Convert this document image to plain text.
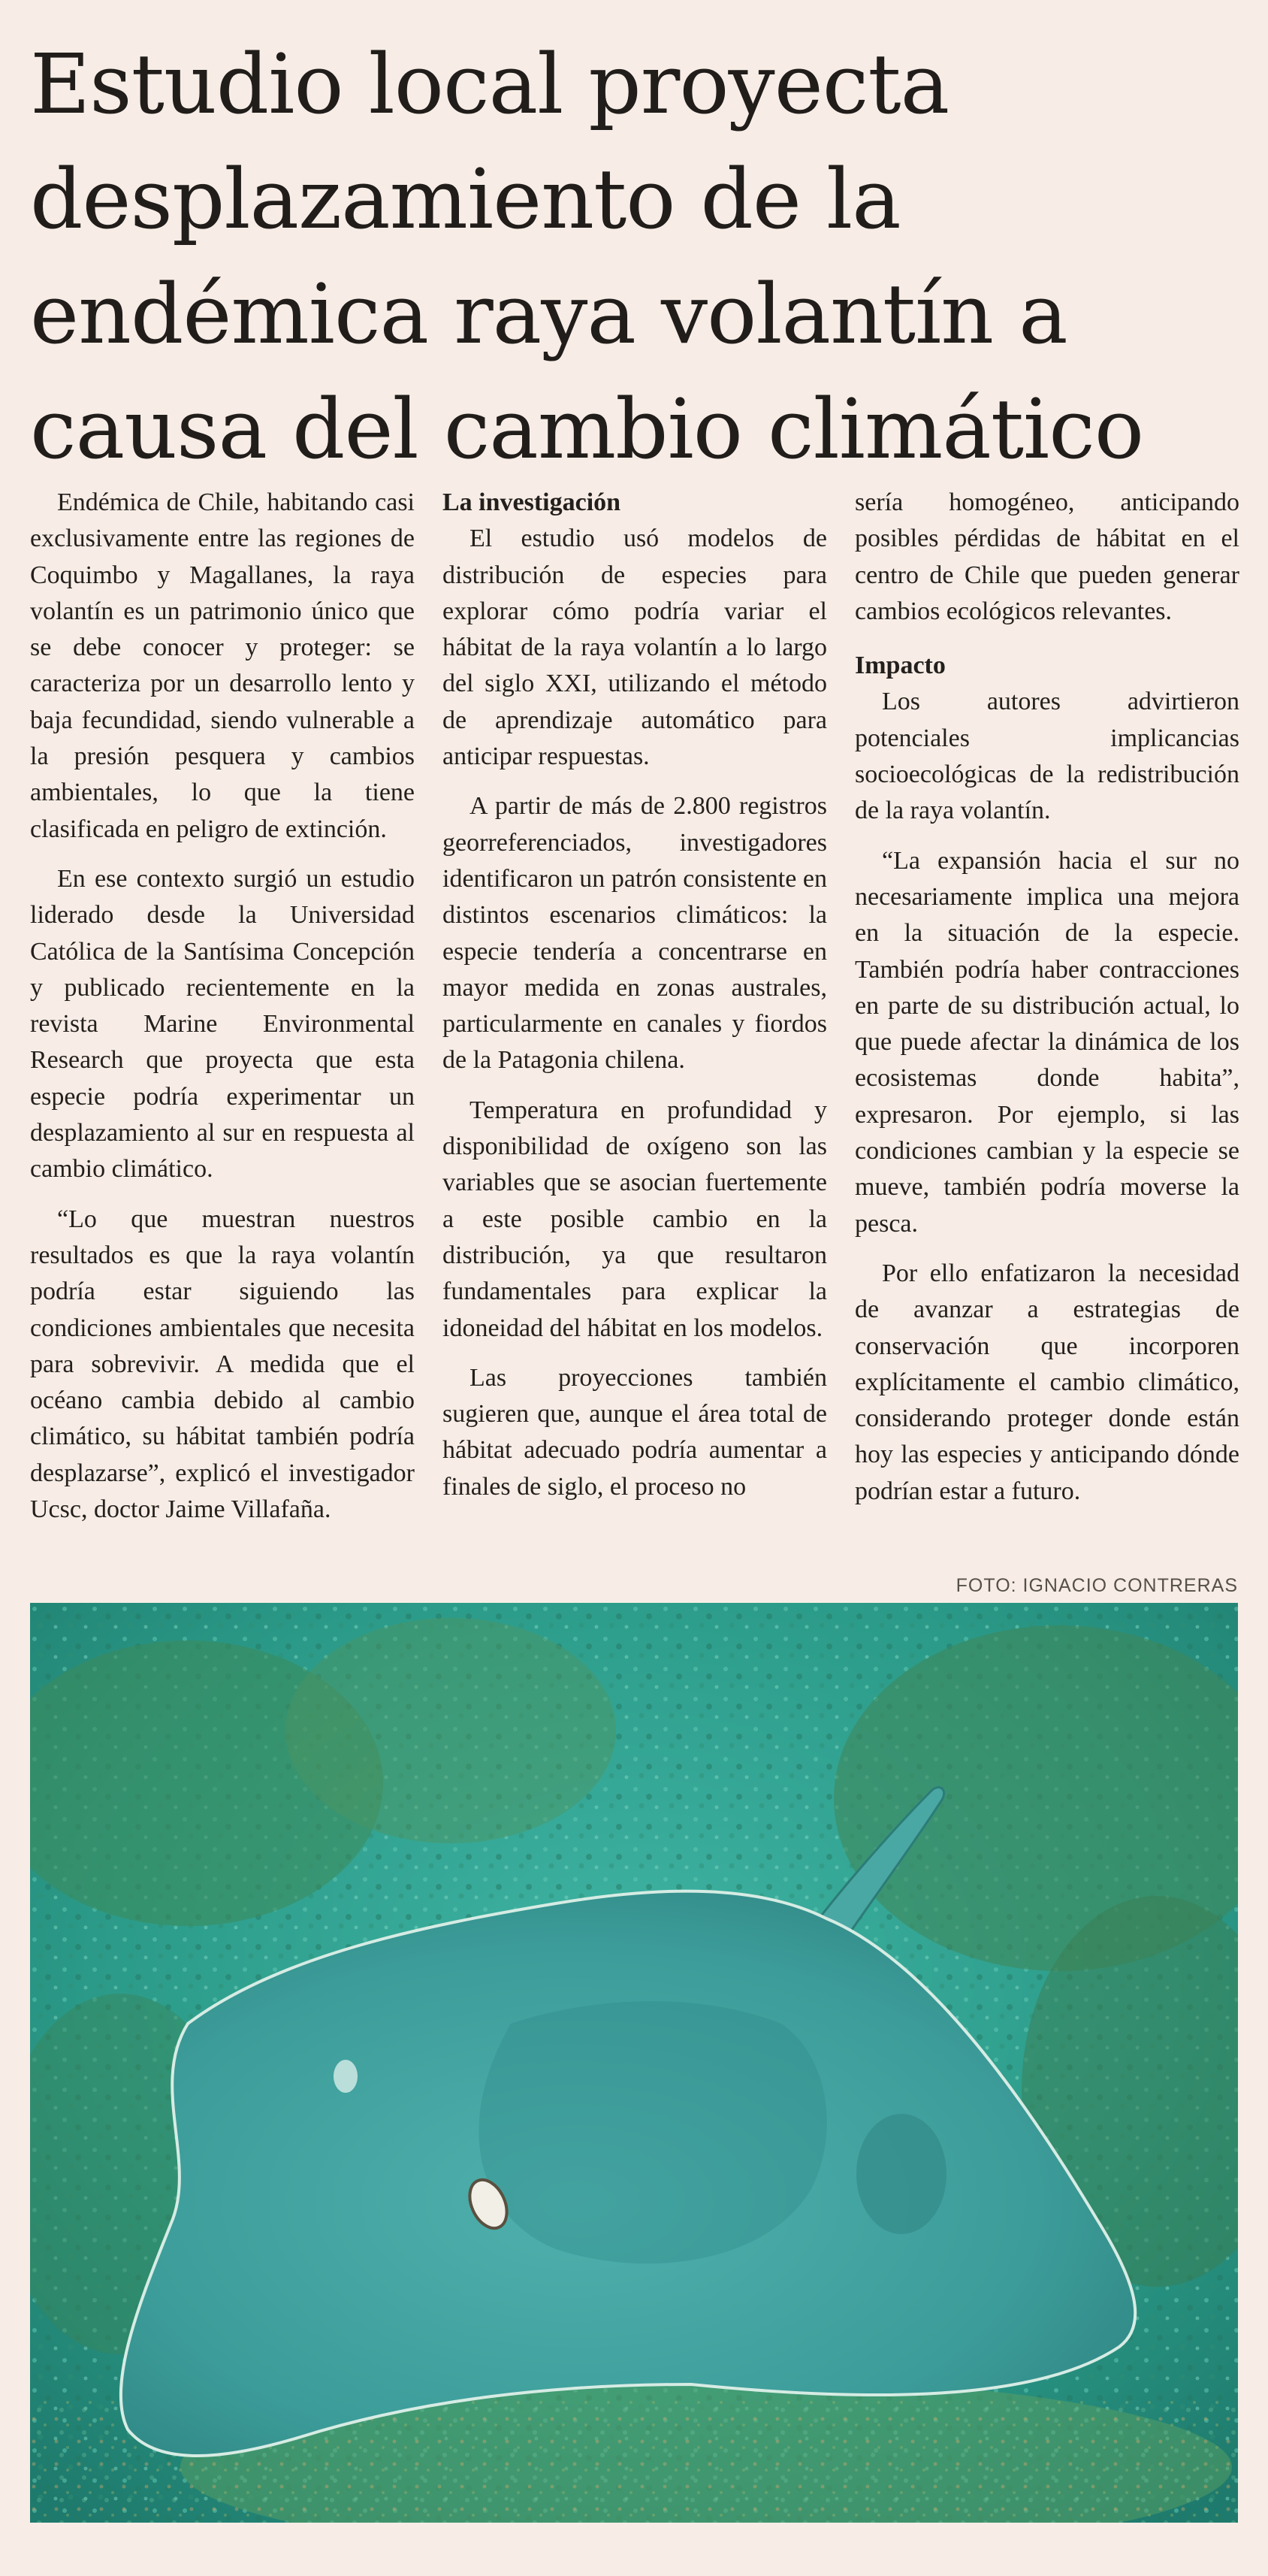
Estudio local proyecta
desplazamiento de la
endémica raya volantín a
causa del cambio climático

Endémica de Chile, habitando casi exclusivamente entre las regiones de Coquimbo y Magallanes, la raya volantín es un patrimonio único que se debe conocer y proteger: se caracteriza por un desarrollo lento y baja fecundidad, siendo vulnerable a la presión pesquera y cambios ambientales, lo que la tiene clasificada en peligro de extinción.

En ese contexto surgió un estudio liderado desde la Universidad Católica de la Santísima Concepción y publicado recientemente en la revista Marine Environmental Research que proyecta que esta especie podría experimentar un desplazamiento al sur en respuesta al cambio climático.

“Lo que muestran nuestros resultados es que la raya volantín podría estar siguiendo las condiciones ambientales que necesita para sobrevivir. A medida que el océano cambia debido al cambio climático, su hábitat también podría desplazarse”, explicó el investigador Ucsc, doctor Jaime Villafaña.

La investigación

El estudio usó modelos de distribución de especies para explorar cómo podría variar el hábitat de la raya volantín a lo largo del siglo XXI, utilizando el método de aprendizaje automático para anticipar respuestas.

A partir de más de 2.800 registros georreferenciados, investigadores identificaron un patrón consistente en distintos escenarios climáticos: la especie tendería a concentrarse en mayor medida en zonas australes, particularmente en canales y fiordos de la Patagonia chilena.

Temperatura en profundidad y disponibilidad de oxígeno son las variables que se asocian fuertemente a este posible cambio en la distribución, ya que resultaron fundamentales para explicar la idoneidad del hábitat en los modelos.

Las proyecciones también sugieren que, aunque el área total de hábitat adecuado podría aumentar a finales de siglo, el proceso no

sería homogéneo, anticipando posibles pérdidas de hábitat en el centro de Chile que pueden generar cambios ecológicos relevantes.

Impacto

Los autores advirtieron potenciales implicancias socioecológicas de la redistribución de la raya volantín.

“La expansión hacia el sur no necesariamente implica una mejora en la situación de la especie. También podría haber contracciones en parte de su distribución actual, lo que puede afectar la dinámica de los ecosistemas donde habita”, expresaron. Por ejemplo, si las condiciones cambian y la especie se mueve, también podría moverse la pesca.

Por ello enfatizaron la necesidad de avanzar a estrategias de conservación que incorporen explícitamente el cambio climático, considerando proteger donde están hoy las especies y anticipando dónde podrían estar a futuro.

FOTO: IGNACIO CONTRERAS
